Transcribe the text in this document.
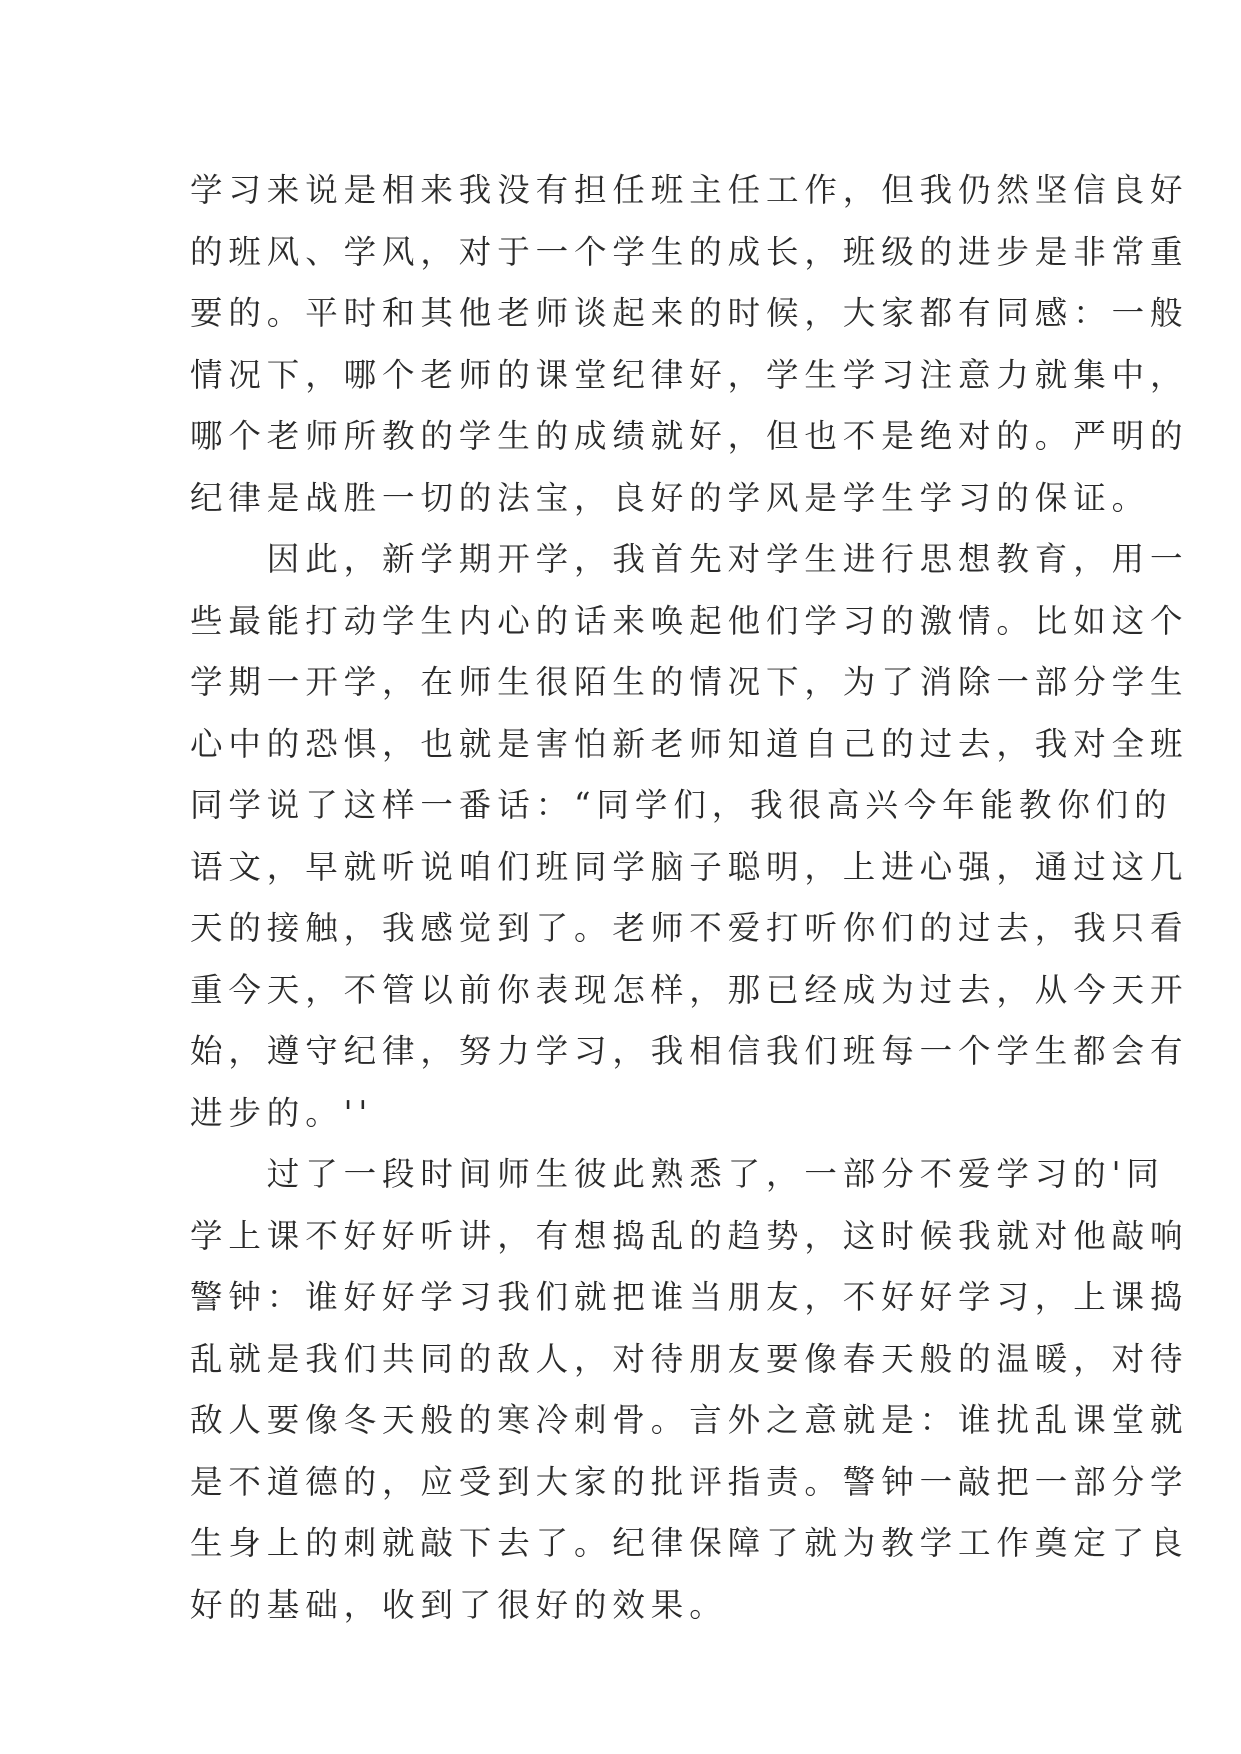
学习来说是相来我没有担任班主任工作，但我仍然坚信良好
的班风、学风，对于一个学生的成长，班级的进步是非常重
要的。平时和其他老师谈起来的时候，大家都有同感：一般
情况下，哪个老师的课堂纪律好，学生学习注意力就集中，
哪个老师所教的学生的成绩就好，但也不是绝对的。严明的
纪律是战胜一切的法宝，良好的学风是学生学习的保证。
　　因此，新学期开学，我首先对学生进行思想教育，用一
些最能打动学生内心的话来唤起他们学习的激情。比如这个
学期一开学，在师生很陌生的情况下，为了消除一部分学生
心中的恐惧，也就是害怕新老师知道自己的过去，我对全班
同学说了这样一番话：“同学们，我很高兴今年能教你们的
语文，早就听说咱们班同学脑子聪明，上进心强，通过这几
天的接触，我感觉到了。老师不爱打听你们的过去，我只看
重今天，不管以前你表现怎样，那已经成为过去，从今天开
始，遵守纪律，努力学习，我相信我们班每一个学生都会有
进步的。''
　　过了一段时间师生彼此熟悉了，一部分不爱学习的'同
学上课不好好听讲，有想捣乱的趋势，这时候我就对他敲响
警钟：谁好好学习我们就把谁当朋友，不好好学习，上课捣
乱就是我们共同的敌人，对待朋友要像春天般的温暖，对待
敌人要像冬天般的寒冷刺骨。言外之意就是：谁扰乱课堂就
是不道德的，应受到大家的批评指责。警钟一敲把一部分学
生身上的刺就敲下去了。纪律保障了就为教学工作奠定了良
好的基础，收到了很好的效果。
